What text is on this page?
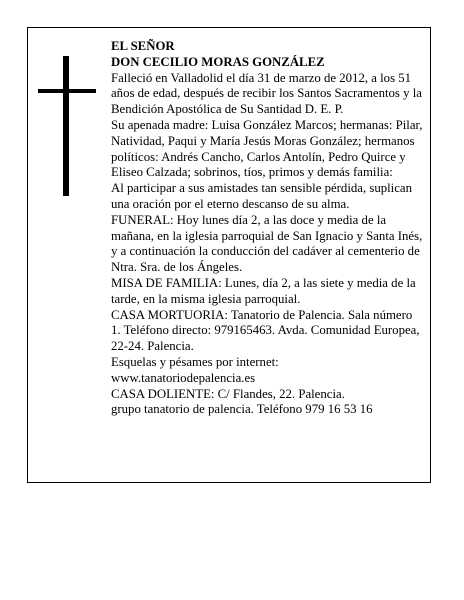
EL SEÑOR
DON CECILIO MORAS GONZÁLEZ

Falleció en Valladolid el día 31 de marzo de 2012, a los 51 años de edad, después de recibir los Santos Sacramentos y la Bendición Apostólica de Su Santidad D. E. P.

Su apenada madre: Luisa González Marcos; hermanas: Pilar, Natividad, Paqui y María Jesús Moras González; hermanos políticos: Andrés Cancho, Carlos Antolín, Pedro Quirce y Eliseo Calzada; sobrinos, tíos, primos y demás familia:

Al participar a sus amistades tan sensible pérdida, suplican una oración por el eterno descanso de su alma.

FUNERAL: Hoy lunes día 2, a las doce y media de la mañana, en la iglesia parroquial de San Ignacio y Santa Inés, y a continuación la conducción del cadáver al cementerio de Ntra. Sra. de los Ángeles.

MISA DE FAMILIA: Lunes, día 2, a las siete y media de la tarde, en la misma iglesia parroquial.

CASA MORTUORIA: Tanatorio de Palencia. Sala número 1. Teléfono directo: 979165463. Avda. Comunidad Europea, 22-24. Palencia.

Esquelas y pésames por internet: www.tanatoriodepalencia.es

CASA DOLIENTE: C/ Flandes, 22. Palencia.

grupo tanatorio de palencia. Teléfono 979 16 53 16
